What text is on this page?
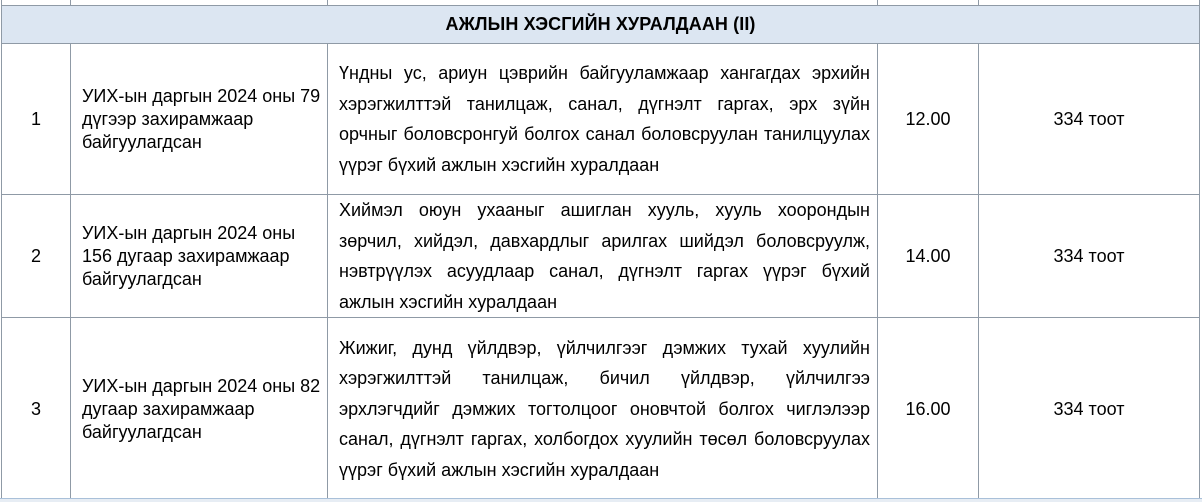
АЖЛЫН ХЭСГИЙН ХУРАЛДААН (II)				
1	УИХ-ын даргын 2024 оны 79 дүгээр захирамжаар байгуулагдсан	Үндны ус, ариун цэврийн байгууламжаар хангагдах эрхийн хэрэгжилттэй танилцаж, санал, дүгнэлт гаргах, эрх зүйн орчныг боловсронгуй болгох санал боловсруулан танилцуулах үүрэг бүхий ажлын хэсгийн хуралдаан	12.00	334 тоот
2	УИХ-ын даргын 2024 оны 156 дугаар захирамжаар байгуулагдсан	Хиймэл оюун ухааныг ашиглан хууль, хууль хоорондын зөрчил, хийдэл, давхардлыг арилгах шийдэл боловсруулж, нэвтрүүлэх асуудлаар санал, дүгнэлт гаргах үүрэг бүхий ажлын хэсгийн хуралдаан	14.00	334 тоот
3	УИХ-ын даргын 2024 оны 82 дугаар захирамжаар байгуулагдсан	Жижиг, дунд үйлдвэр, үйлчилгээг дэмжих тухай хуулийн хэрэгжилттэй танилцаж, бичил үйлдвэр, үйлчилгээ эрхлэгчдийг дэмжих тогтолцоог оновчтой болгох чиглэлээр санал, дүгнэлт гаргах, холбогдох хуулийн төсөл боловсруулах үүрэг бүхий ажлын хэсгийн хуралдаан	16.00	334 тоот
